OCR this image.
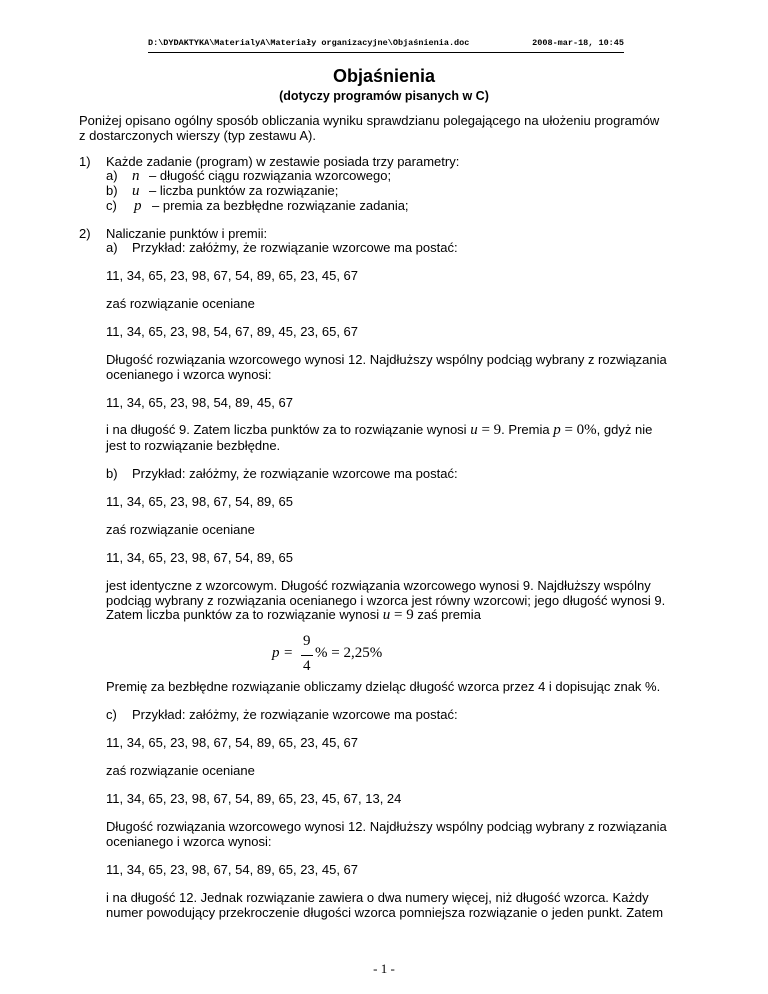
D:\DYDAKTYKA\MaterialyA\Materiały organizacyjne\Objaśnienia.doc	2008-mar-18, 10:45
Objaśnienia
(dotyczy programów pisanych w C)
Poniżej opisano ogólny sposób obliczania wyniku sprawdzianu polegającego na ułożeniu programów
z dostarczonych wierszy (typ zestawu A).
1) Każde zadanie (program) w zestawie posiada trzy parametry:
a) n – długość ciągu rozwiązania wzorcowego;
b) u – liczba punktów za rozwiązanie;
c) p – premia za bezbłędne rozwiązanie zadania;
2) Naliczanie punktów i premii:
a) Przykład: załóżmy, że rozwiązanie wzorcowe ma postać:
11, 34, 65, 23, 98, 67, 54, 89, 65, 23, 45, 67
zaś rozwiązanie oceniane
11, 34, 65, 23, 98, 54, 67, 89, 45, 23, 65, 67
Długość rozwiązania wzorcowego wynosi 12. Najdłuższy wspólny podciąg wybrany z rozwiązania
ocenianego i wzorca wynosi:
11, 34, 65, 23, 98, 54, 89, 45, 67
i na długość 9. Zatem liczba punktów za to rozwiązanie wynosi u = 9. Premia p = 0%, gdyż nie
jest to rozwiązanie bezbłędne.
b) Przykład: załóżmy, że rozwiązanie wzorcowe ma postać:
11, 34, 65, 23, 98, 67, 54, 89, 65
zaś rozwiązanie oceniane
11, 34, 65, 23, 98, 67, 54, 89, 65
jest identyczne z wzorcowym. Długość rozwiązania wzorcowego wynosi 9. Najdłuższy wspólny
podciąg wybrany z rozwiązania ocenianego i wzorca jest równy wzorcowi; jego długość wynosi 9.
Zatem liczba punktów za to rozwiązanie wynosi u = 9 zaś premia
p =
9
4
% = 2,25%
Premię za bezbłędne rozwiązanie obliczamy dzieląc długość wzorca przez 4 i dopisując znak %.
c) Przykład: załóżmy, że rozwiązanie wzorcowe ma postać:
11, 34, 65, 23, 98, 67, 54, 89, 65, 23, 45, 67
zaś rozwiązanie oceniane
11, 34, 65, 23, 98, 67, 54, 89, 65, 23, 45, 67, 13, 24
Długość rozwiązania wzorcowego wynosi 12. Najdłuższy wspólny podciąg wybrany z rozwiązania
ocenianego i wzorca wynosi:
11, 34, 65, 23, 98, 67, 54, 89, 65, 23, 45, 67
i na długość 12. Jednak rozwiązanie zawiera o dwa numery więcej, niż długość wzorca. Każdy
numer powodujący przekroczenie długości wzorca pomniejsza rozwiązanie o jeden punkt. Zatem
- 1 -
